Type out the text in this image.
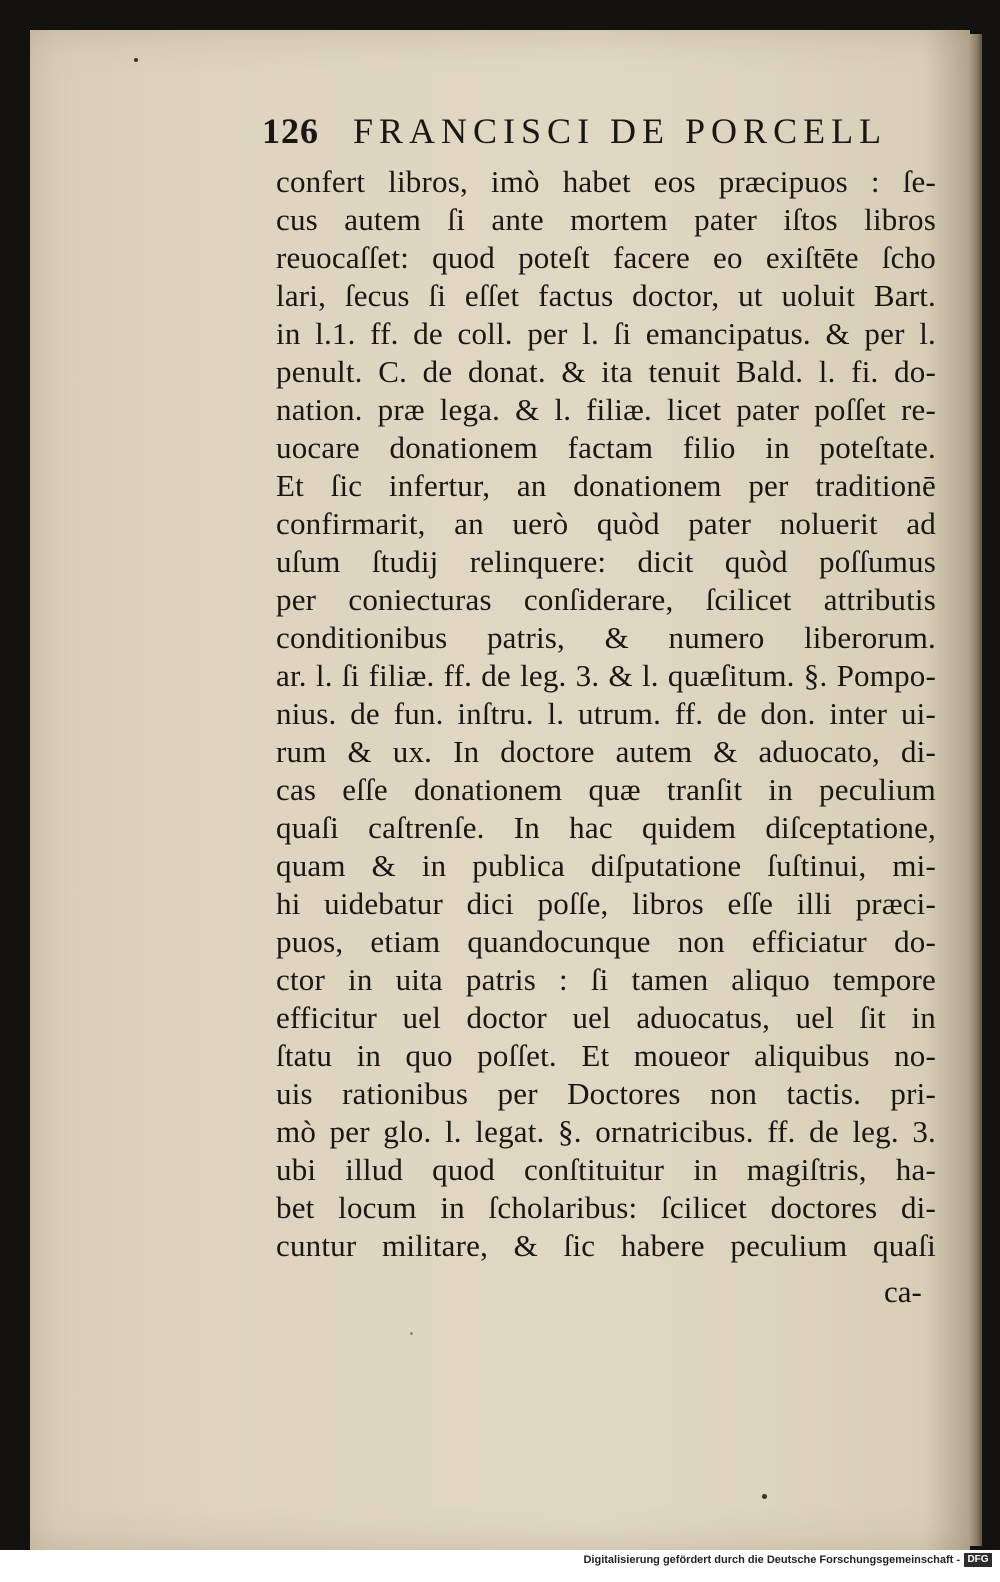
126 FRANCISCI DE PORCELL
confert libros, imò habet eos præcipuos : ſe-
cus autem ſi ante mortem pater iſtos libros
reuocaſſet: quod poteſt facere eo exiſtēte ſcho
lari, ſecus ſi eſſet factus doctor, ut uoluit Bart.
in l.1. ff. de coll. per l. ſi emancipatus. & per l.
penult. C. de donat. & ita tenuit Bald. l. fi. do-
nation. præ lega. & l. filiæ. licet pater poſſet re-
uocare donationem factam filio in poteſtate.
Et ſic infertur, an donationem per traditionē
confirmarit, an uerò quòd pater noluerit ad
uſum ſtudij relinquere: dicit quòd poſſumus
per coniecturas conſiderare, ſcilicet attributis
conditionibus patris, & numero liberorum.
ar. l. ſi filiæ. ff. de leg. 3. & l. quæſitum. §. Pompo-
nius. de fun. inſtru. l. utrum. ff. de don. inter ui-
rum & ux. In doctore autem & aduocato, di-
cas eſſe donationem quæ tranſit in peculium
quaſi caſtrenſe. In hac quidem diſceptatione,
quam & in publica diſputatione ſuſtinui, mi-
hi uidebatur dici poſſe, libros eſſe illi præci-
puos, etiam quandocunque non efficiatur do-
ctor in uita patris : ſi tamen aliquo tempore
efficitur uel doctor uel aduocatus, uel ſit in
ſtatu in quo poſſet. Et moueor aliquibus no-
uis rationibus per Doctores non tactis. pri-
mò per glo. l. legat. §. ornatricibus. ff. de leg. 3.
ubi illud quod conſtituitur in magiſtris, ha-
bet locum in ſcholaribus: ſcilicet doctores di-
cuntur militare, & ſic habere peculium quaſi
ca-
Digitalisierung gefördert durch die Deutsche Forschungsgemeinschaft - DFG
